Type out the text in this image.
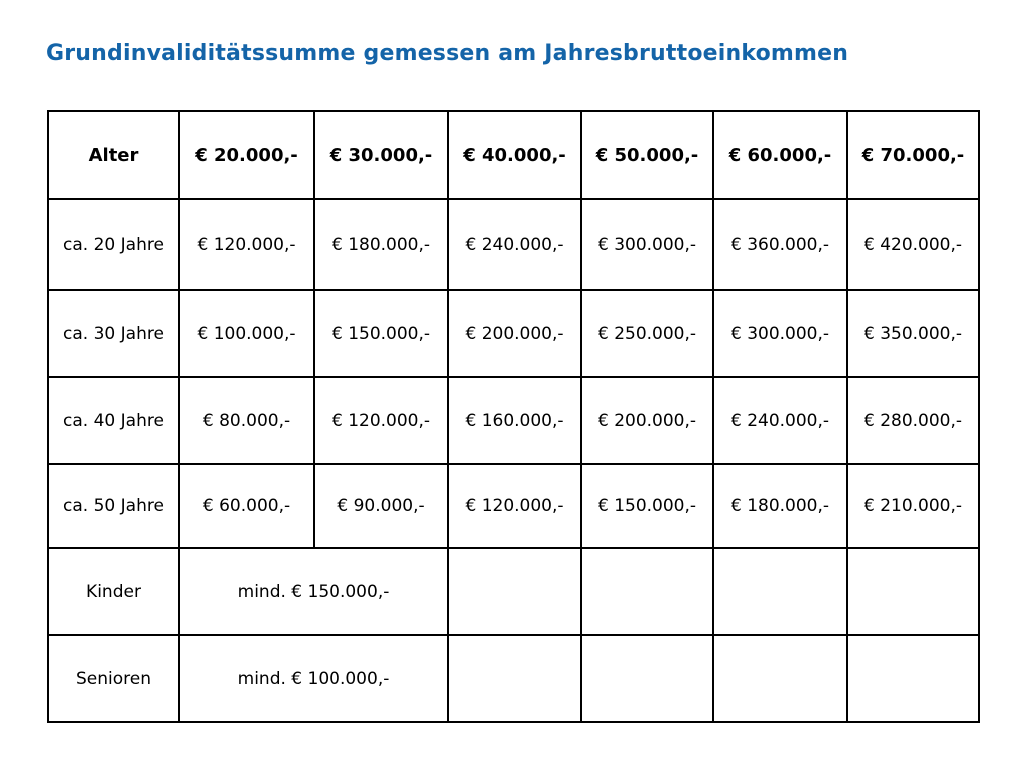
Grundinvaliditätssumme gemessen am Jahresbruttoeinkommen
Alter	€ 20.000,-	€ 30.000,-	€ 40.000,-	€ 50.000,-	€ 60.000,-	€ 70.000,-
ca. 20 Jahre	€ 120.000,-	€ 180.000,-	€ 240.000,-	€ 300.000,-	€ 360.000,-	€ 420.000,-
ca. 30 Jahre	€ 100.000,-	€ 150.000,-	€ 200.000,-	€ 250.000,-	€ 300.000,-	€ 350.000,-
ca. 40 Jahre	€ 80.000,-	€ 120.000,-	€ 160.000,-	€ 200.000,-	€ 240.000,-	€ 280.000,-
ca. 50 Jahre	€ 60.000,-	€ 90.000,-	€ 120.000,-	€ 150.000,-	€ 180.000,-	€ 210.000,-
Kinder	mind. € 150.000,-					
Senioren	mind. € 100.000,-					
